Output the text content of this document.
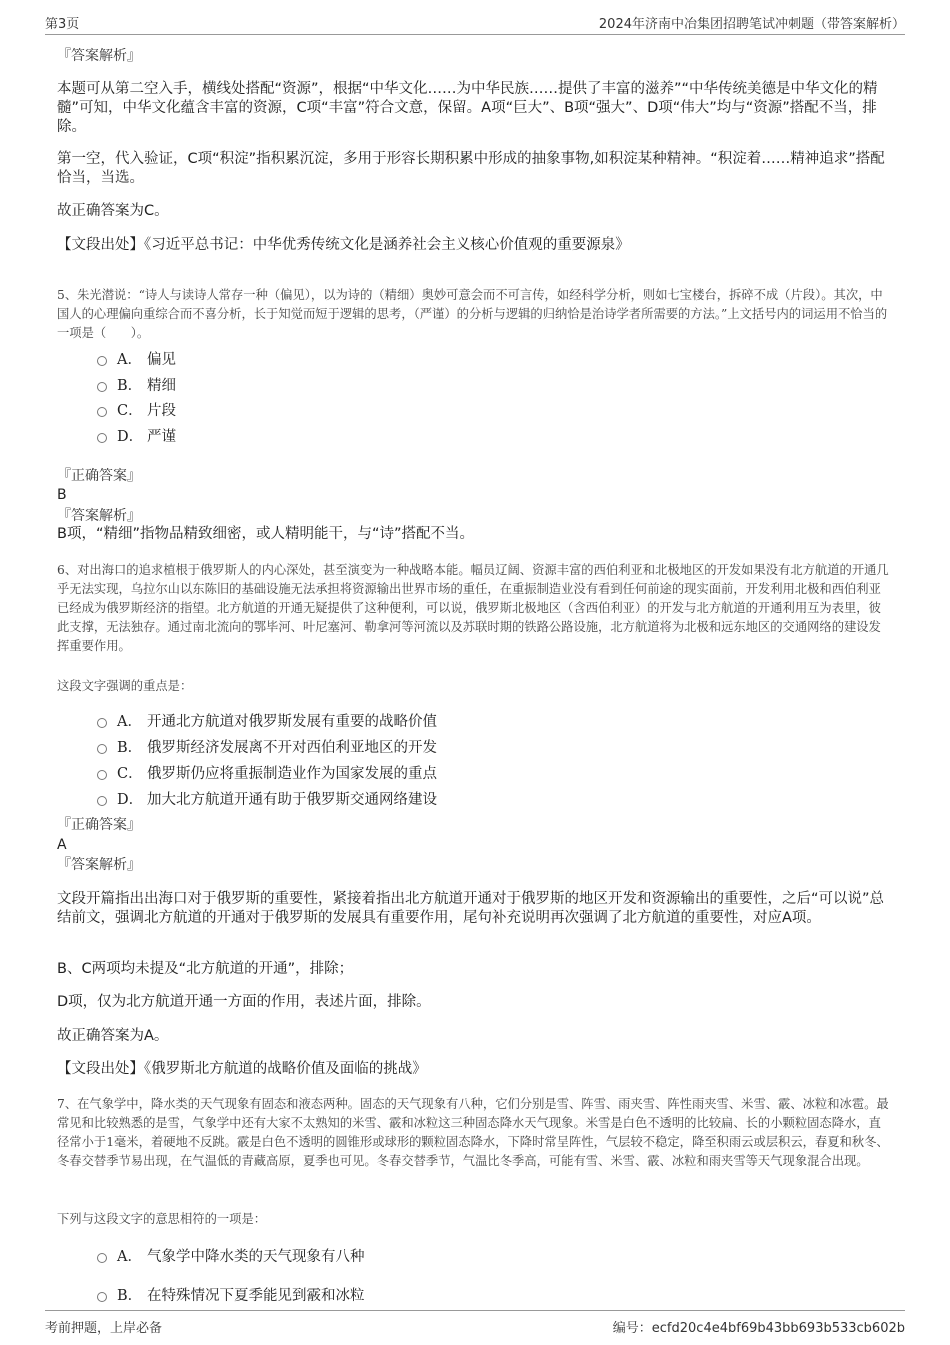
第3页	2024年济南中冶集团招聘笔试冲刺题（带答案解析）
『答案解析』
本题可从第二空入手，横线处搭配“资源”，根据“中华文化……为中华民族……提供了丰富的滋养”“中华传统美德是中华文化的精髓”可知，中华文化蕴含丰富的资源，C项“丰富”符合文意，保留。A项“巨大”、B项“强大”、D项“伟大”均与“资源”搭配不当，排除。
第一空，代入验证，C项“积淀”指积累沉淀，多用于形容长期积累中形成的抽象事物,如积淀某种精神。“积淀着……精神追求”搭配恰当，当选。
故正确答案为C。
【文段出处】《习近平总书记：中华优秀传统文化是涵养社会主义核心价值观的重要源泉》
5、朱光潜说：“诗人与读诗人常存一种（偏见），以为诗的（精细）奥妙可意会而不可言传，如经科学分析，则如七宝楼台，拆碎不成（片段）。其次，中国人的心理偏向重综合而不喜分析，长于知觉而短于逻辑的思考，（严谨）的分析与逻辑的归纳恰是治诗学者所需要的方法。”上文括号内的词运用不恰当的一项是（　　）。
A． 偏见
B． 精细
C． 片段
D． 严谨
『正确答案』
B
『答案解析』
B项，“精细”指物品精致细密，或人精明能干，与“诗”搭配不当。
6、对出海口的追求植根于俄罗斯人的内心深处，甚至演变为一种战略本能。幅员辽阔、资源丰富的西伯利亚和北极地区的开发如果没有北方航道的开通几乎无法实现，乌拉尔山以东陈旧的基础设施无法承担将资源输出世界市场的重任，在重振制造业没有看到任何前途的现实面前，开发利用北极和西伯利亚已经成为俄罗斯经济的指望。北方航道的开通无疑提供了这种便利，可以说，俄罗斯北极地区（含西伯利亚）的开发与北方航道的开通利用互为表里，彼此支撑，无法独存。通过南北流向的鄂毕河、叶尼塞河、勒拿河等河流以及苏联时期的铁路公路设施，北方航道将为北极和远东地区的交通网络的建设发挥重要作用。
这段文字强调的重点是：
A． 开通北方航道对俄罗斯发展有重要的战略价值
B． 俄罗斯经济发展离不开对西伯利亚地区的开发
C． 俄罗斯仍应将重振制造业作为国家发展的重点
D． 加大北方航道开通有助于俄罗斯交通网络建设
『正确答案』
A
『答案解析』
文段开篇指出出海口对于俄罗斯的重要性，紧接着指出北方航道开通对于俄罗斯的地区开发和资源输出的重要性，之后“可以说”总结前文，强调北方航道的开通对于俄罗斯的发展具有重要作用，尾句补充说明再次强调了北方航道的重要性，对应A项。
B、C两项均未提及“北方航道的开通”，排除；
D项，仅为北方航道开通一方面的作用，表述片面，排除。
故正确答案为A。
【文段出处】《俄罗斯北方航道的战略价值及面临的挑战》
7、在气象学中，降水类的天气现象有固态和液态两种。固态的天气现象有八种，它们分别是雪、阵雪、雨夹雪、阵性雨夹雪、米雪、霰、冰粒和冰雹。最常见和比较熟悉的是雪，气象学中还有大家不太熟知的米雪、霰和冰粒这三种固态降水天气现象。米雪是白色不透明的比较扁、长的小颗粒固态降水，直径常小于1毫米，着硬地不反跳。霰是白色不透明的圆锥形或球形的颗粒固态降水，下降时常呈阵性，气层较不稳定，降至积雨云或层积云，春夏和秋冬、冬春交替季节易出现，在气温低的青藏高原，夏季也可见。冬春交替季节，气温比冬季高，可能有雪、米雪、霰、冰粒和雨夹雪等天气现象混合出现。
下列与这段文字的意思相符的一项是：
A． 气象学中降水类的天气现象有八种
B． 在特殊情况下夏季能见到霰和冰粒
考前押题，上岸必备	编号：ecfd20c4e4bf69b43bb693b533cb602b
